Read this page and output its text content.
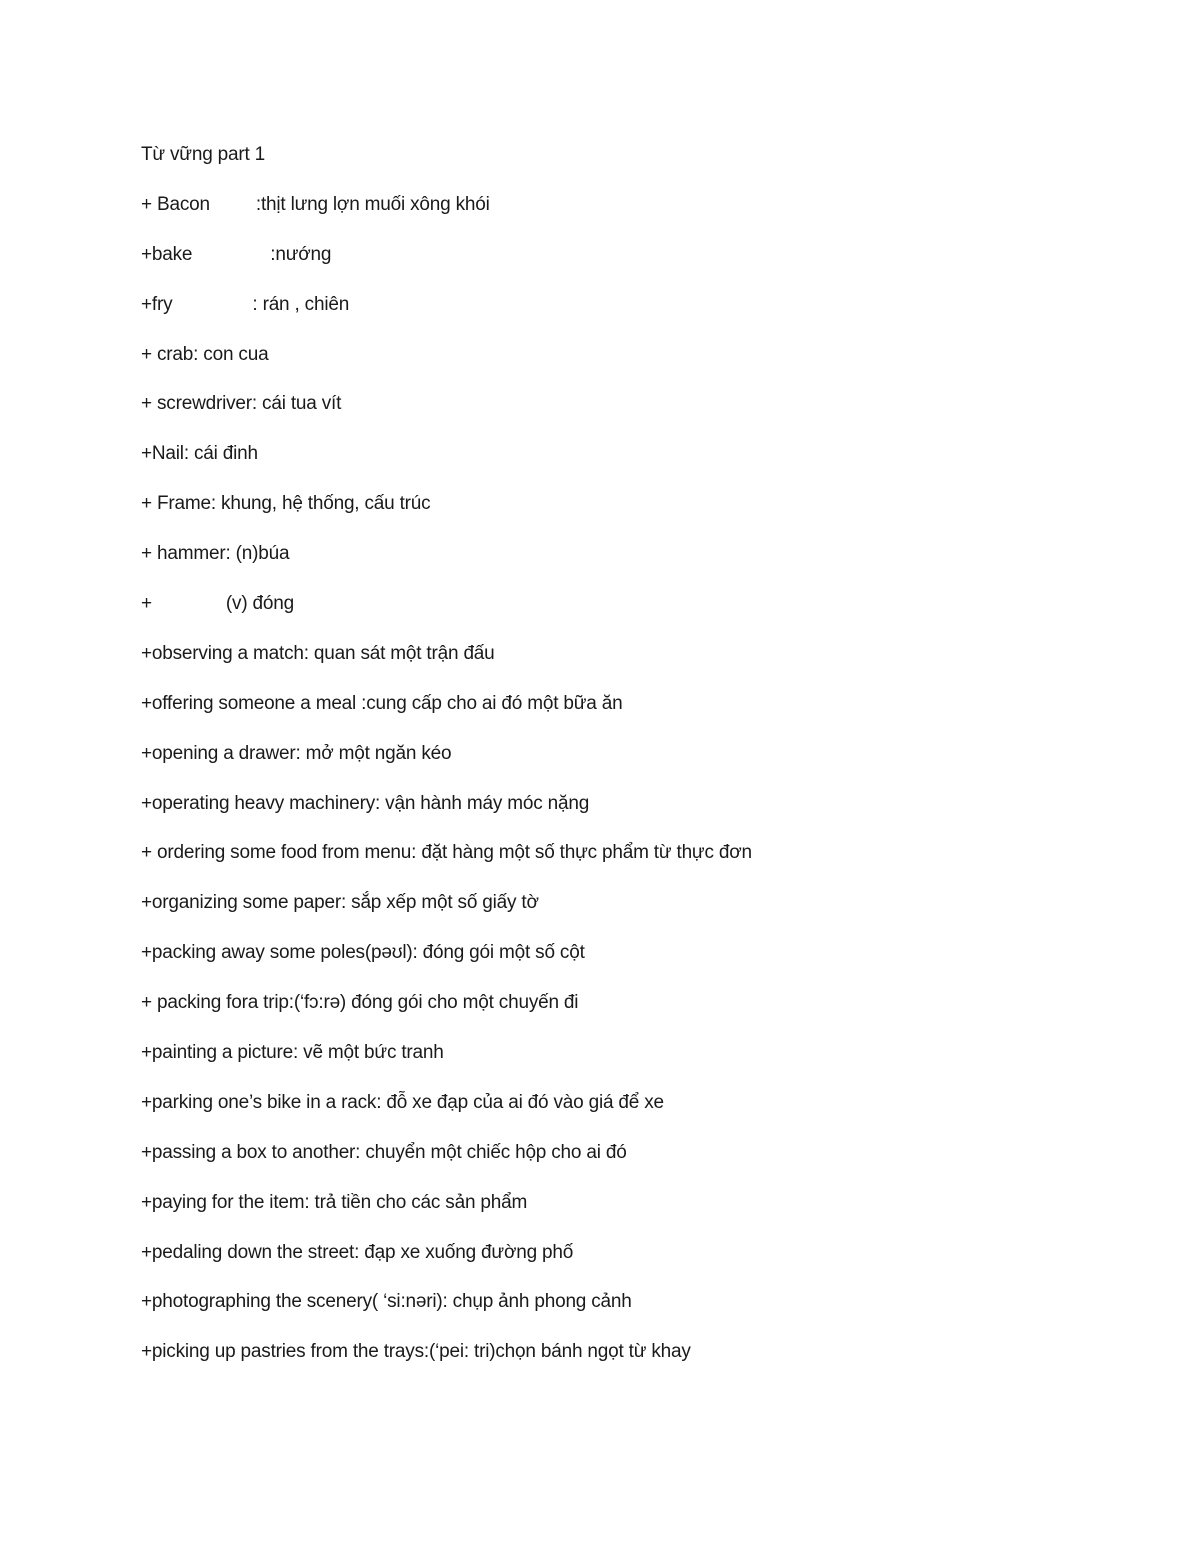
Từ vững part 1
+ Bacon :thịt lưng lợn muối xông khói
+bake	:nướng
+fry	: rán , chiên
+ crab: con cua
+ screwdriver: cái tua vít
+Nail: cái đinh
+ Frame: khung, hệ thống, cấu trúc
+ hammer: (n)búa
+	(v) đóng
+observing a match: quan sát một trận đấu
+offering someone a meal :cung cấp cho ai đó một bữa ăn
+opening a drawer: mở một ngăn kéo
+operating heavy machinery: vận hành máy móc nặng
+ ordering some food from menu: đặt hàng một số thực phẩm từ thực đơn
+organizing some paper: sắp xếp một số giấy tờ
+packing away some poles(pəʊl): đóng gói một số cột
+ packing fora trip:(‘fɔ:rə) đóng gói cho một chuyến đi
+painting a picture: vẽ một bức tranh
+parking one’s bike in a rack: đỗ xe đạp của ai đó vào giá để xe
+passing a box to another: chuyển một chiếc hộp cho ai đó
+paying for the item: trả tiền cho các sản phẩm
+pedaling down the street: đạp xe xuống đường phố
+photographing the scenery( ‘si:nəri): chụp ảnh phong cảnh
+picking up pastries from the trays:(‘pei: tri)chọn bánh ngọt từ khay
